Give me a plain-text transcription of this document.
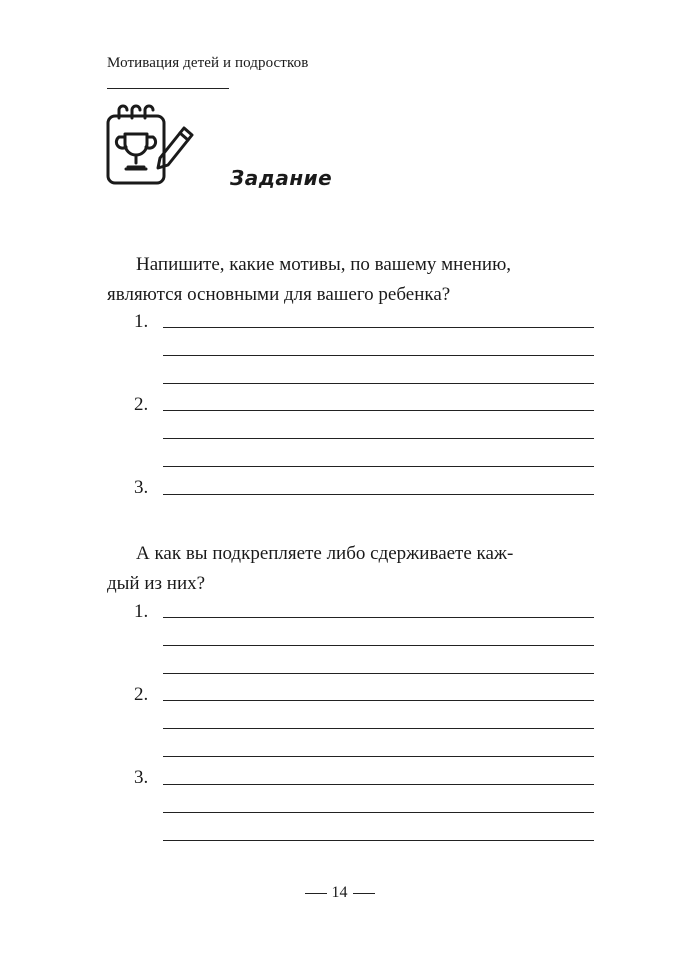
Мотивация детей и подростков
Задание
Напишите, какие мотивы, по вашему мнению,
являются основными для вашего ребенка?
1.
2.
3.
А как вы подкрепляете либо сдерживаете каж-
дый из них?
1.
2.
3.
14
